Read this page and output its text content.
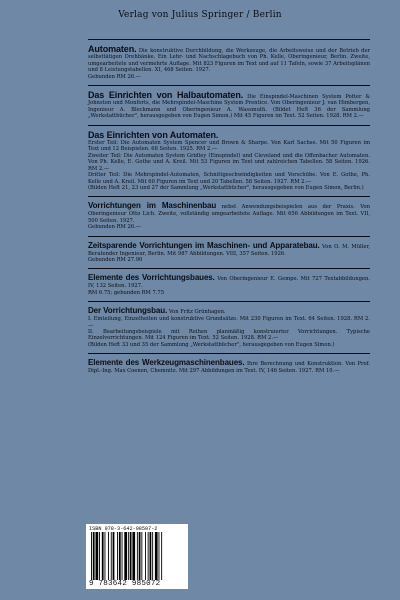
Verlag von Julius Springer / Berlin

Automaten. Die konstruktive Durchbildung, die Werkzeuge, die Arbeitsweise und der Betrieb der selbsttätigen Drehbänke. Ein Lehr- und Nachschlagebuch von Ph. Kelle, Oberingenieur, Berlin. Zweite, umgearbeitete und vermehrte Auflage. Mit 823 Figuren im Text und auf 11 Tafeln, sowie 37 Arbeitsplänen und 8 Leistungstabellen. XI, 468 Seiten. 1927.

Gebunden RM 26.—

Das Einrichten von Halbautomaten. Die Einspindel-Maschinen System Potter & Johnston und Monforts, die Mehrspindel-Maschine System Prentice. Von Oberingenieur J. van Himbergen, Ingenieur A. Bleckmann und Oberingenieur A. Wassmuth. (Bildet Heft 36 der Sammlung „Werkstattbücher", herausgegeben von Eugen Simon.) Mit 45 Figuren im Text. 52 Seiten. 1928. RM 2.—

Das Einrichten von Automaten.

Erster Teil: Die Automaten System Spencer und Brown & Sharpe. Von Karl Sachse. Mit 50 Figuren im Text und 12 Beispielen. 68 Seiten. 1925. RM 2.—

Zweiter Teil: Die Automaten System Gridley (Einspindel) und Cleveland und die Offenbacher Automaten. Von Ph. Kelle, E. Gothe und A. Kreil. Mit 53 Figuren im Text und zahlreichen Tabellen. 58 Seiten. 1926. RM 2.—

Dritter Teil: Die Mehrspindel-Automaten, Schnittgeschwindigkeiten und Vorschübe. Von E. Gothe, Ph. Kelle und A. Kreil. Mit 60 Figuren im Text und 20 Tabellen. 58 Seiten. 1927. RM 2.—

(Bilden Heft 21, 23 und 27 der Sammlung „Werkstattbücher", herausgegeben von Eugen Simon, Berlin.)

Vorrichtungen im Maschinenbau nebst Anwendungsbeispielen aus der Praxis. Von Oberingenieur Otto Lich. Zweite, vollständig umgearbeitete Auflage. Mit 656 Abbildungen im Text. VII, 500 Seiten. 1927.

Gebunden RM 26.—

Zeitsparende Vorrichtungen im Maschinen- und Apparatebau. Von O. M. Müller, Beratender Ingenieur, Berlin. Mit 987 Abbildungen. VIII, 357 Seiten. 1926.

Gebunden RM 27.90

Elemente des Vorrichtungsbaues. Von Oberingenieur E. Gempe. Mit 727 Textabbildungen. IV, 132 Seiten. 1927.

RM 6.75; gebunden RM 7.75

Der Vorrichtungsbau. Von Fritz Grünhagen.

I. Einteilung, Einzelheiten und konstruktive Grundsätze. Mit 230 Figuren im Text. 64 Seiten. 1928. RM 2.—

II. Bearbeitungsbeispiele mit Reihen planmäßig konstruierter Vorrichtungen. Typische Einzelvorrichtungen. Mit 124 Figuren im Text. 52 Seiten. 1928. RM 2.—

(Bilden Heft 33 und 35 der Sammlung „Werkstattbücher", herausgegeben von Eugen Simon.)

Elemente des Werkzeugmaschinenbaues. Ihre Berechnung und Konstruktion. Von Prof. Dipl.-Ing. Max Coenen, Chemnitz. Mit 297 Abbildungen im Text. IV, 146 Seiten. 1927. RM 10.—

ISBN 978-3-642-98507-2
9 783642 985072
